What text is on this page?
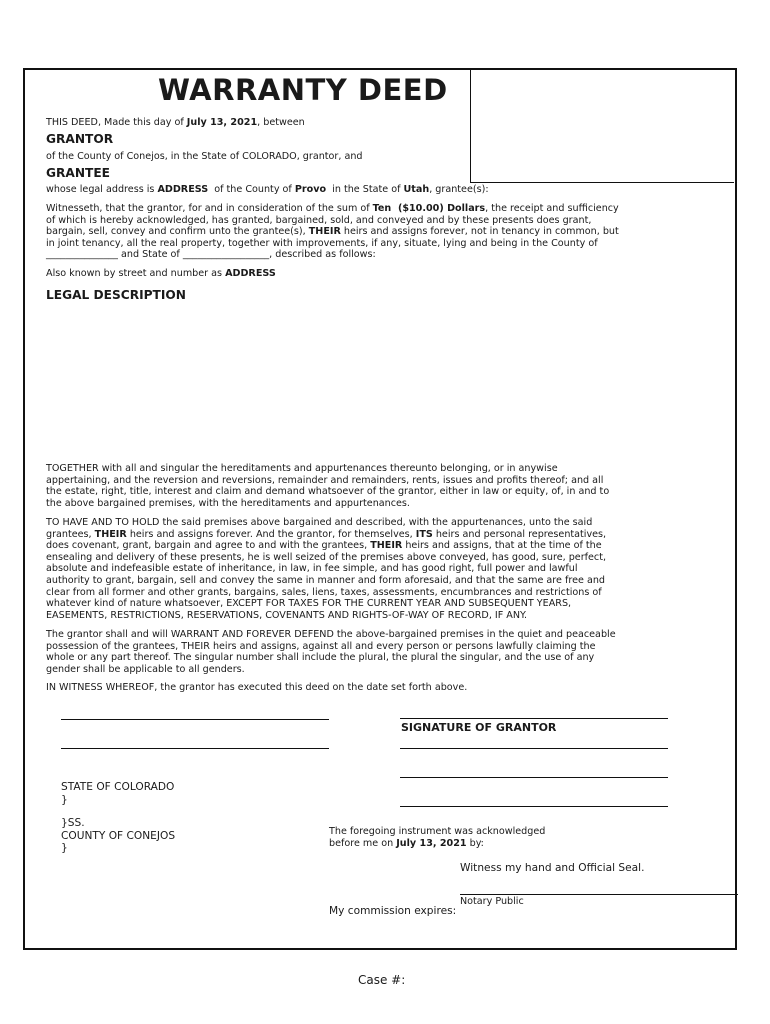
WARRANTY DEED
THIS DEED, Made this day of July 13, 2021, between
GRANTOR
of the County of Conejos, in the State of COLORADO, grantor, and
GRANTEE
whose legal address is ADDRESS  of the County of Provo  in the State of Utah, grantee(s):
Witnesseth, that the grantor, for and in consideration of the sum of Ten  ($10.00) Dollars, the receipt and sufficiency
of which is hereby acknowledged, has granted, bargained, sold, and conveyed and by these presents does grant,
bargain, sell, convey and confirm unto the grantee(s), THEIR heirs and assigns forever, not in tenancy in common, but
in joint tenancy, all the real property, together with improvements, if any, situate, lying and being in the County of
_______________ and State of __________________, described as follows:
Also known by street and number as ADDRESS
LEGAL DESCRIPTION
TOGETHER with all and singular the hereditaments and appurtenances thereunto belonging, or in anywise
appertaining, and the reversion and reversions, remainder and remainders, rents, issues and profits thereof; and all
the estate, right, title, interest and claim and demand whatsoever of the grantor, either in law or equity, of, in and to
the above bargained premises, with the hereditaments and appurtenances.
TO HAVE AND TO HOLD the said premises above bargained and described, with the appurtenances, unto the said
grantees, THEIR heirs and assigns forever. And the grantor, for themselves, ITS heirs and personal representatives,
does covenant, grant, bargain and agree to and with the grantees, THEIR heirs and assigns, that at the time of the
ensealing and delivery of these presents, he is well seized of the premises above conveyed, has good, sure, perfect,
absolute and indefeasible estate of inheritance, in law, in fee simple, and has good right, full power and lawful
authority to grant, bargain, sell and convey the same in manner and form aforesaid, and that the same are free and
clear from all former and other grants, bargains, sales, liens, taxes, assessments, encumbrances and restrictions of
whatever kind of nature whatsoever, EXCEPT FOR TAXES FOR THE CURRENT YEAR AND SUBSEQUENT YEARS,
EASEMENTS, RESTRICTIONS, RESERVATIONS, COVENANTS AND RIGHTS-OF-WAY OF RECORD, IF ANY.
The grantor shall and will WARRANT AND FOREVER DEFEND the above-bargained premises in the quiet and peaceable
possession of the grantees, THEIR heirs and assigns, against all and every person or persons lawfully claiming the
whole or any part thereof. The singular number shall include the plural, the plural the singular, and the use of any
gender shall be applicable to all genders.
IN WITNESS WHEREOF, the grantor has executed this deed on the date set forth above.
SIGNATURE OF GRANTOR
STATE OF COLORADO
}
}SS.
COUNTY OF CONEJOS
}
The foregoing instrument was acknowledged
before me on July 13, 2021 by:
Witness my hand and Official Seal.
Notary Public
My commission expires:
Case #:
